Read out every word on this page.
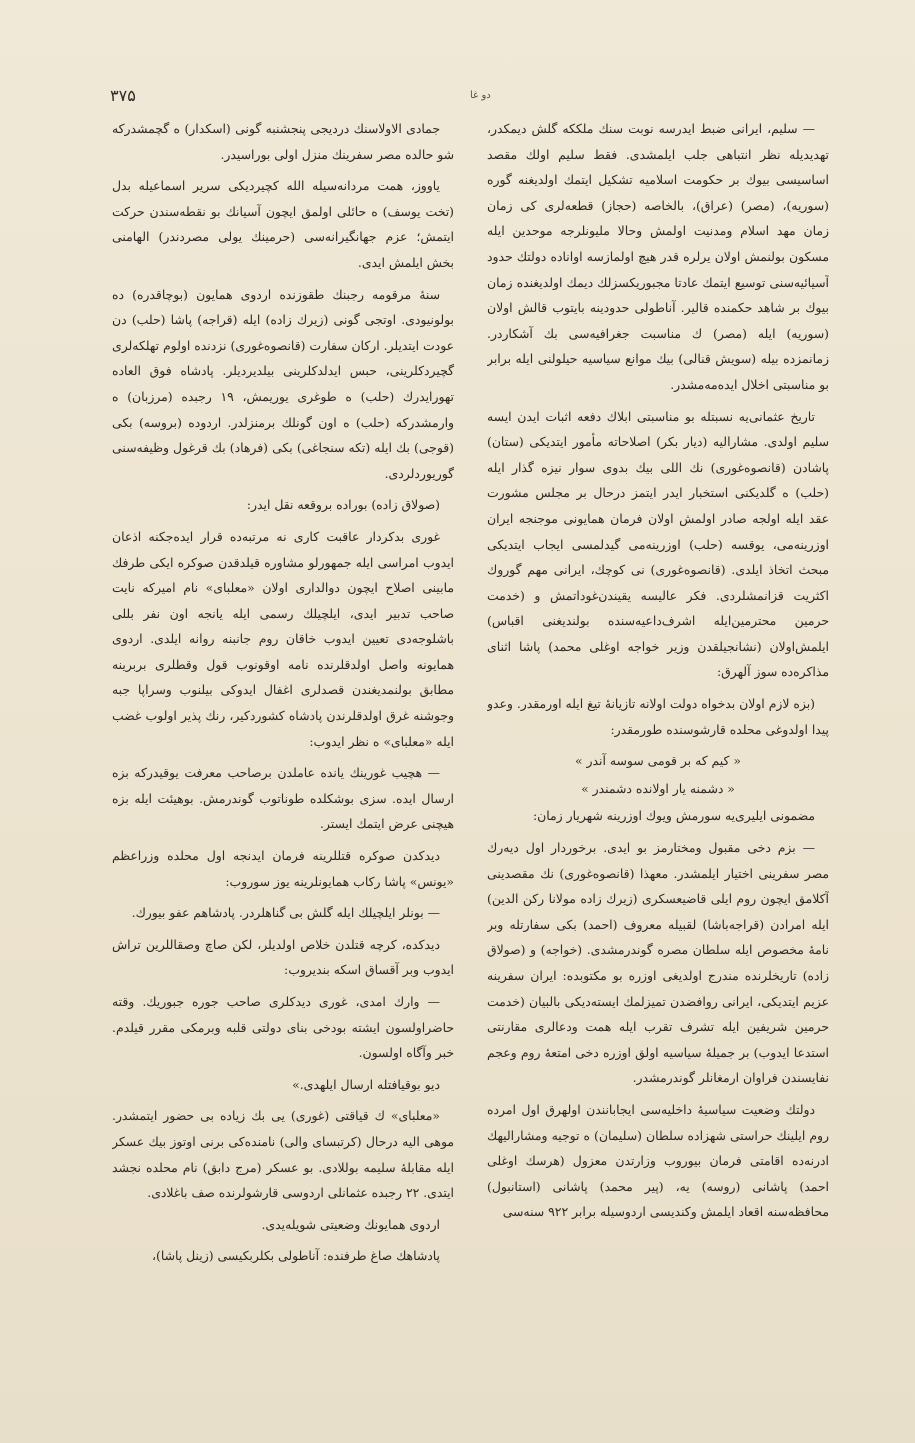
۳۷۵	دو غا

— سليم، ايرانى ضبط ايدرسه نوبت سنك ملككه گلش ديمكدر، تهديديله نظر انتباهى جلب ايلمشدى. فقط سليم اولك مقصد اساسيسى بيوك بر حكومت اسلاميه تشكيل ايتمك اولديغنه گوره (سوريه)، (مصر) (عراق)، بالخاصه (حجاز) قطعه‌لرى كى زمان زمان مهد اسلام ومدنيت اولمش وحالا مليونلرجه موحدين ايله مسكون بولنمش اولان يرلره قدر هيچ اولمازسه اواناده دولتك حدود آسيائيه‌سنى توسيع ايتمك عادتا مجبوريكسزلك ديمك اولديغنده زمان بيوك بر شاهد حكمنده قالير. آناطولى حدودينه بايتوب قالش اولان (سوريه) ايله (مصر) ك مناسبت جغرافيه‌سى بك آشكاردر. زمانمزده بيله (سويش قنالى) بيك موانع سياسيه حيلولنى ايله برابر بو مناسبتى اخلال ايده‌مه‌مشدر.

تاريخ عثمانى‌يه نسبتله بو مناسبتى ابلاك دفعه اثبات ايدن ايسه سليم اولدى. مشاراليه (ديار بكر) اصلاحاته مأمور ايتديكى (ستان) پاشادن (قانصوه‌غورى) نك اللى بيك بدوى سوار نيزه گذار ايله (حلب) ه گلديكنى استخبار ايدر ايتمز درحال بر مجلس مشورت عقد ايله اولجه صادر اولمش اولان فرمان همايونى موجنجه ايران اوزرينه‌مى، يوقسه (حلب) اوزرينه‌مى گيدلمسى ايجاب ايتديكى مبحث اتخاذ ايلدى. (قانصوه‌غورى) نى كوچك، ايرانى مهم گوروك اكثريت قزانمشلردى. فكر عاليسه يقيندن‌غوداتمش و (خدمت حرمين محترمين‌ايله اشرف‌داعيه‌سنده بولنديغنى اقباس) ايلمش‌اولان (نشانجيلقدن وزير خواجه اوغلى محمد) پاشا اثناى مذاكره‌ده سوز آلهرق:

(بزه لازم اولان بدخواه دولت اولانه تازيانهٔ تيغ ايله اورمقدر. وعدو پيدا اولدوغى محلده قارشوسنده طورمقدر:

« كيم كه بر قومى سوسه آندر »

« دشمنه يار اولانده دشمندر »

مضمونى ايليرى‌يه سورمش ويوك اوزرينه شهريار زمان:

— بزم دخى مقبول ومختارمز بو ايدى. برخوردار اول ديه‌رك مصر سفرينى اختيار ايلمشدر. معهذا (قانصوه‌غورى) نك مقصدينى آكلامق ايچون روم ايلى قاضيعسكرى (زيرك زاده مولانا ركن الدين) ايله امرادن (قراجه‌باشا) لقبيله معروف (احمد) بكى سفارتله وبر نامهٔ مخصوص ايله سلطان مصره گوندرمشدى. (خواجه) و (صولاق زاده) تاريخلرنده مندرج اولديغى اوزره بو مكتوبده: ايران سفرينه عزيم ايتديكى، ايرانى روافضدن تميزلمك ايسته‌ديكى بالبيان (خدمت حرمين شريفين ايله تشرف تقرب ايله همت ودعالرى مقارنتى استدعا ايدوب) بر جميلهٔ سياسيه اولق اوزره دخى امتعهٔ روم وعجم نفايسندن فراوان ارمغانلر گوندرمشدر.

دولتك وضعيت سياسيهٔ داخليه‌سى ايجابانندن اولهرق اول امرده روم ايلينك حراستى شهزاده سلطان (سليمان) ه توجيه ومشاراليهك ادرنه‌ده اقامتى فرمان بيوروب وزارتدن معزول (هرسك اوغلى احمد) پاشانى (روسه) يه، (پير محمد) پاشانى (استانبول) محافظه‌سنه اقعاد ايلمش وكنديسى اردوسيله برابر ۹۲۲ سنه‌سى

جمادى الاولاسنك درديجى پنجشنبه گونى (اسكدار) ه گچمشدركه شو حالده مصر سفرينك منزل اولى بوراسيدر.

ياووز، همت مردانه‌سيله الله كچيرديكى سرير اسماعيله بدل (تخت يوسف) ه حائلى اولمق ايچون آسيانك بو نقطه‌سندن حركت ايتمش؛ عزم جهانگيرانه‌سى (حرمينك يولى مصردندر) الهامنى بخش ايلمش ايدى.

سنهٔ مرقومه رجبنك طقوزنده اردوى همايون (بوچاقدره) ده بولونيودى. اوتجى گونى (زيرك زاده) ايله (قراجه) پاشا (حلب) دن عودت ايتديلر. اركان سفارت (قانصوه‌غورى) نزدنده اولوم تهلكه‌لرى گچيردكلرينى، حبس ايدلدكلرينى بيلديرديلر. پادشاه فوق العاده تهورايدرك (حلب) ه طوغرى يوريمش، ۱۹ رجبده (مرزبان) ه وارمشدركه (حلب) ه اون گونلك برمنزلدر. اردوده (بروسه) بكى (قوجى) بك ايله (تكه سنجاغى) بكى (فرهاد) بك قرغول وظيفه‌سنى گوريوردلردى.

(صولاق زاده) بوراده بروقعه نقل ايدر:

غورى بدكردار عاقبت كارى نه مرتبه‌ده قرار ايده‌جكنه اذعان ايدوب امراسى ايله جمهورلو مشاوره قيلدقدن صوكره ايكى طرفك مابينى اصلاح ايچون دوالدارى اولان «معلباى» نام اميركه نايت صاحب تدبير ايدى، ايلچيلك رسمى ايله يانجه اون نفر بللى باشلوجه‌دى تعيين ايدوب خاقان روم جانبنه روانه ايلدى. اردوى همايونه واصل اولدقلرنده نامه اوقونوب قول وقطلرى بربرينه مطابق بولنمديغندن قصدلرى اغفال ايدوكى بيلنوب وسراپا جبه وجوشنه غرق اولدقلرندن پادشاه كشوردكير، رنك پذير اولوب غضب ايله «معلباى» ه نظر ايدوب:

— هچيب غورينك يانده عاملدن برصاحب معرفت يوقيدركه بزه ارسال ايده. سزى بوشكلده طوناتوب گوندرمش. بوهيئت ايله بزه هيچنى عرض ايتمك ايستر.

ديدكدن صوكره قتللرينه فرمان ايدنجه اول محلده وزراعظم «يونس» پاشا ركاب همايونلرينه يوز سوروب:

— بونلر ايلچيلك ايله گلش بى گناهلردر. پادشاهم عفو بيورك.

ديدكده، كرچه قتلدن خلاص اولديلر، لكن صاچ وصقاللرين تراش ايدوب وبر آقساق اسكه بنديروب:

— وارك امدى، غورى ديدكلرى صاحب جوره جبوريك. وقته حاضراولسون ايشته بودخى بناى دولتى قلبه وبرمكى مقرر قيلدم. خبر وآگاه اولسون.

ديو بوقيافتله ارسال ايلهدى.»

«معلباى» ك قياقتى (غورى) يى بك زياده بى حضور ايتمشدر. موهى اليه درحال (كرتبساى والى) نامنده‌كى برنى اوتوز بيك عسكر ايله مقابلهٔ سليمه بوللادى. بو عسكر (مرج دابق) نام محلده نجشد ايتدى. ۲۲ رجبده عثمانلى اردوسى قارشولرنده صف باغلادى.

اردوى همايونك وضعيتى شويله‌يدى.

پادشاهك صاغ طرفنده: آناطولى بكلربكيسى (زينل پاشا)،
